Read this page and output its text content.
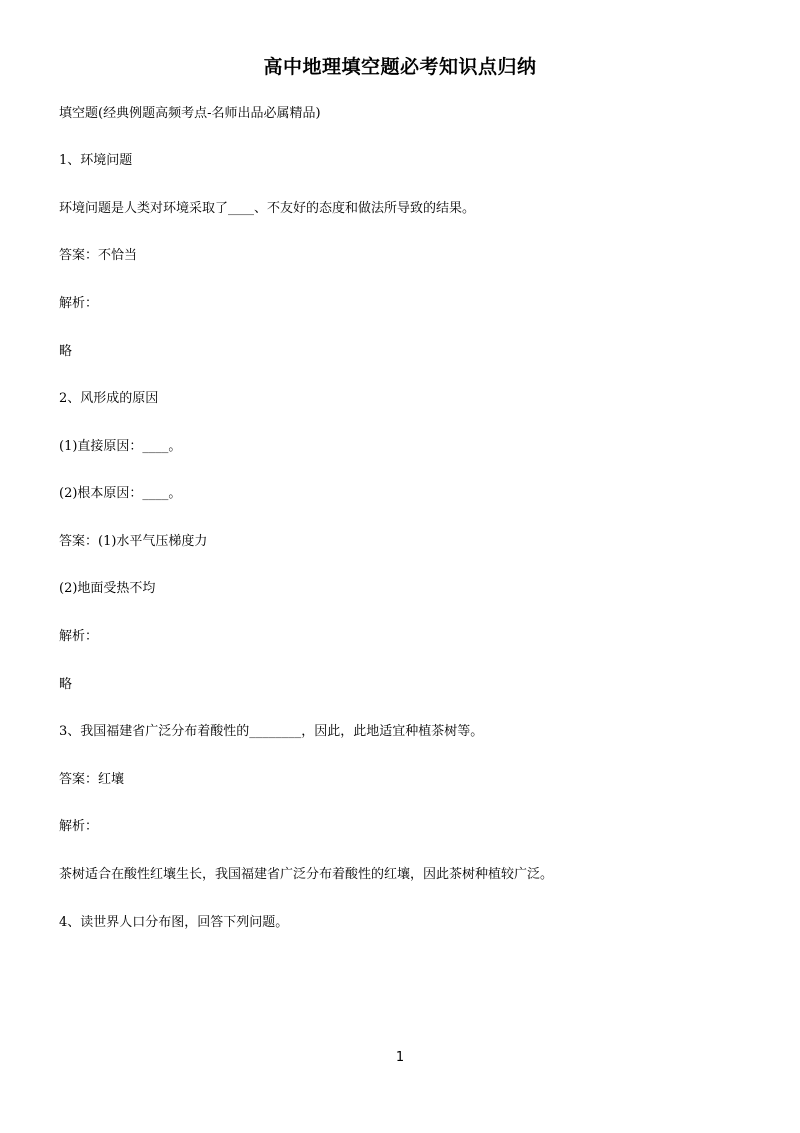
高中地理填空题必考知识点归纳
填空题(经典例题高频考点-名师出品必属精品)
1、环境问题
环境问题是人类对环境采取了____、不友好的态度和做法所导致的结果。
答案：不恰当
解析：
略
2、风形成的原因
(1)直接原因：____。
(2)根本原因：____。
答案：(1)水平气压梯度力
(2)地面受热不均
解析：
略
3、我国福建省广泛分布着酸性的________，因此，此地适宜种植茶树等。
答案：红壤
解析：
茶树适合在酸性红壤生长，我国福建省广泛分布着酸性的红壤，因此茶树种植较广泛。
4、读世界人口分布图，回答下列问题。
1
